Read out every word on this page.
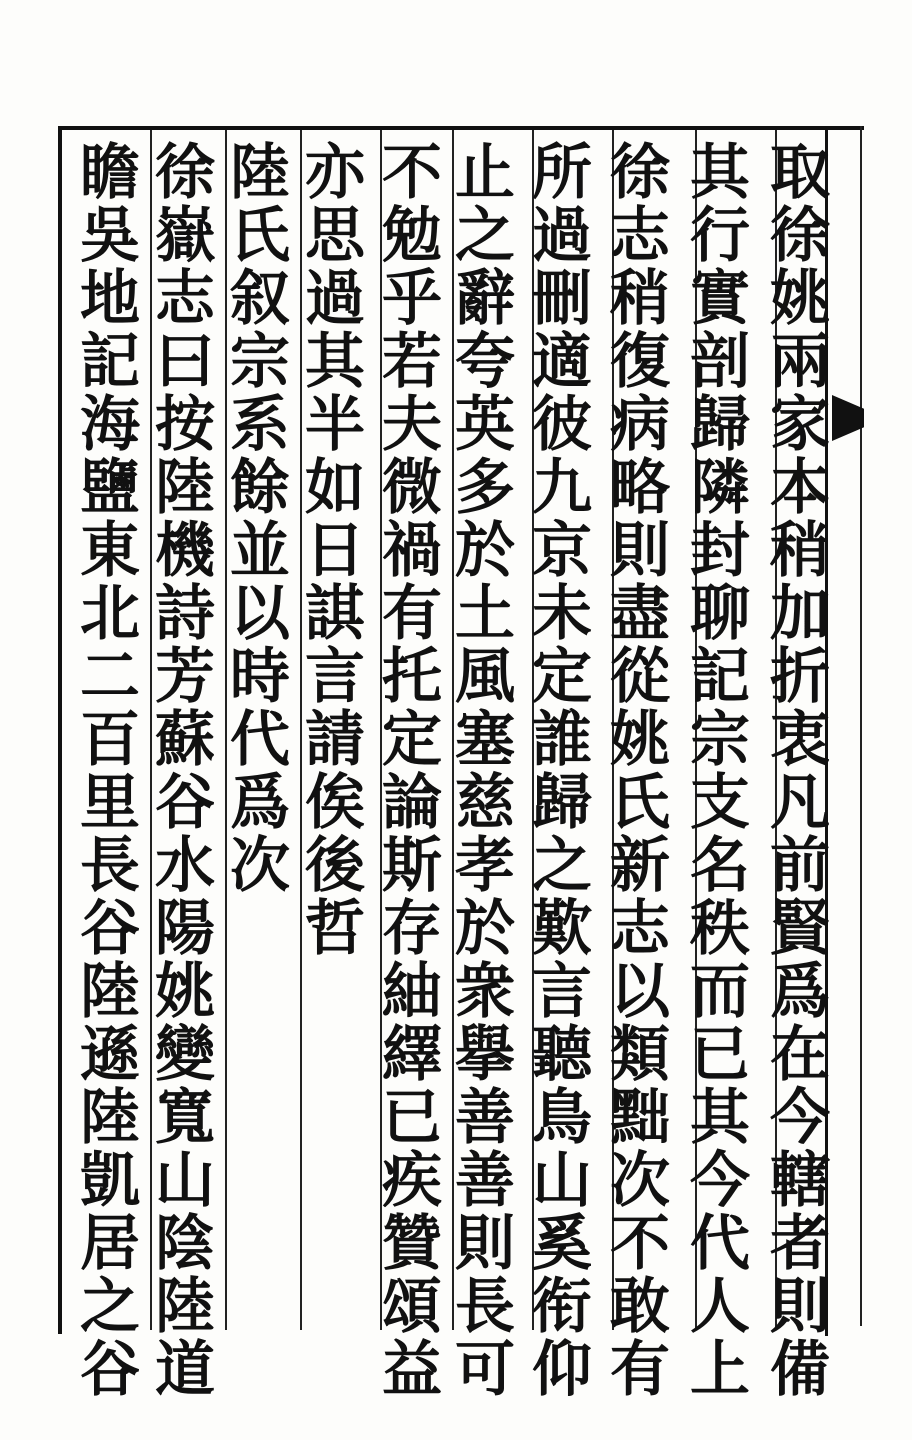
取徐姚兩家本稍加折衷凡前賢爲在今轄者則備
其行實剖歸隣封聊記宗支名秩而已其今代人上
徐志稍復病略則盡從姚氏新志以類黜次不敢有
所過刪適彼九京未定誰歸之歎言聽鳥山奚衔仰
止之辭夸英多於土風塞慈孝於衆擧善善則長可
不勉乎若夫微禍有托定論斯存紬繹已疾贊頌益
亦思過其半如日諆言請俟後哲
陸氏叙宗系餘並以時代爲次
徐嶽志曰按陸機詩芳蘇谷水陽姚變寬山陰陸道
瞻吳地記海鹽東北二百里長谷陸遜陸凱居之谷
